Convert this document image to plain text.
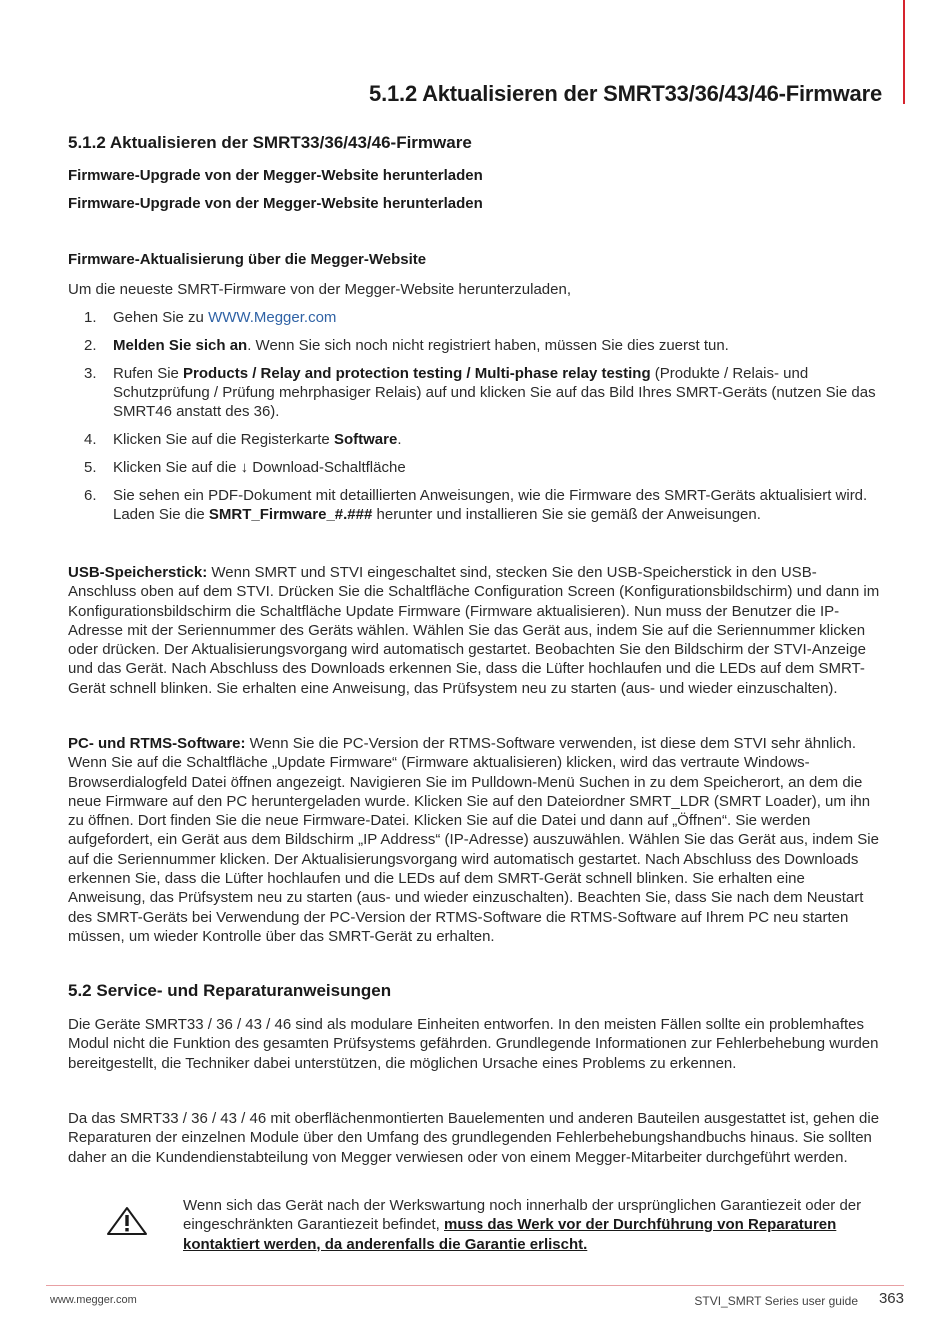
5.1.2 Aktualisieren der SMRT33/36/43/46-Firmware
5.1.2 Aktualisieren der SMRT33/36/43/46-Firmware
Firmware-Upgrade von der Megger-Website herunterladen
Firmware-Upgrade von der Megger-Website herunterladen
Firmware-Aktualisierung über die Megger-Website
Um die neueste SMRT-Firmware von der Megger-Website herunterzuladen,
1. Gehen Sie zu WWW.Megger.com
2. Melden Sie sich an. Wenn Sie sich noch nicht registriert haben, müssen Sie dies zuerst tun.
3. Rufen Sie Products / Relay and protection testing / Multi-phase relay testing (Produkte / Relais- und Schutzprüfung / Prüfung mehrphasiger Relais) auf und klicken Sie auf das Bild Ihres SMRT-Geräts (nutzen Sie das SMRT46 anstatt des 36).
4. Klicken Sie auf die Registerkarte Software.
5. Klicken Sie auf die ↓ Download-Schaltfläche
6. Sie sehen ein PDF-Dokument mit detaillierten Anweisungen, wie die Firmware des SMRT-Geräts aktualisiert wird. Laden Sie die SMRT_Firmware_#.### herunter und installieren Sie sie gemäß der Anweisungen.
USB-Speicherstick: Wenn SMRT und STVI eingeschaltet sind, stecken Sie den USB-Speicherstick in den USB-Anschluss oben auf dem STVI. Drücken Sie die Schaltfläche Configuration Screen (Konfigurationsbildschirm) und dann im Konfigurationsbildschirm die Schaltfläche Update Firmware (Firmware aktualisieren). Nun muss der Benutzer die IP-Adresse mit der Seriennummer des Geräts wählen. Wählen Sie das Gerät aus, indem Sie auf die Seriennummer klicken oder drücken. Der Aktualisierungsvorgang wird automatisch gestartet. Beobachten Sie den Bildschirm der STVI-Anzeige und das Gerät. Nach Abschluss des Downloads erkennen Sie, dass die Lüfter hochlaufen und die LEDs auf dem SMRT-Gerät schnell blinken. Sie erhalten eine Anweisung, das Prüfsystem neu zu starten (aus- und wieder einzuschalten).
PC- und RTMS-Software: Wenn Sie die PC-Version der RTMS-Software verwenden, ist diese dem STVI sehr ähnlich. Wenn Sie auf die Schaltfläche „Update Firmware“ (Firmware aktualisieren) klicken, wird das vertraute Windows-Browserdialogfeld Datei öffnen angezeigt. Navigieren Sie im Pulldown-Menü Suchen in zu dem Speicherort, an dem die neue Firmware auf den PC heruntergeladen wurde. Klicken Sie auf den Dateiordner SMRT_LDR (SMRT Loader), um ihn zu öffnen. Dort finden Sie die neue Firmware-Datei. Klicken Sie auf die Datei und dann auf „Öffnen“. Sie werden aufgefordert, ein Gerät aus dem Bildschirm „IP Address“ (IP-Adresse) auszuwählen. Wählen Sie das Gerät aus, indem Sie auf die Seriennummer klicken. Der Aktualisierungsvorgang wird automatisch gestartet. Nach Abschluss des Downloads erkennen Sie, dass die Lüfter hochlaufen und die LEDs auf dem SMRT-Gerät schnell blinken. Sie erhalten eine Anweisung, das Prüfsystem neu zu starten (aus- und wieder einzuschalten). Beachten Sie, dass Sie nach dem Neustart des SMRT-Geräts bei Verwendung der PC-Version der RTMS-Software die RTMS-Software auf Ihrem PC neu starten müssen, um wieder Kontrolle über das SMRT-Gerät zu erhalten.
5.2 Service- und Reparaturanweisungen
Die Geräte SMRT33 / 36 / 43 / 46 sind als modulare Einheiten entworfen. In den meisten Fällen sollte ein problemhaftes Modul nicht die Funktion des gesamten Prüfsystems gefährden. Grundlegende Informationen zur Fehlerbehebung wurden bereitgestellt, die Techniker dabei unterstützen, die möglichen Ursache eines Problems zu erkennen.
Da das SMRT33 / 36 / 43 / 46 mit oberflächenmontierten Bauelementen und anderen Bauteilen ausgestattet ist, gehen die Reparaturen der einzelnen Module über den Umfang des grundlegenden Fehlerbehebungshandbuchs hinaus. Sie sollten daher an die Kundendienstabteilung von Megger verwiesen oder von einem Megger-Mitarbeiter durchgeführt werden.
Wenn sich das Gerät nach der Werkswartung noch innerhalb der ursprünglichen Garantiezeit oder der eingeschränkten Garantiezeit befindet, muss das Werk vor der Durchführung von Reparaturen kontaktiert werden, da anderenfalls die Garantie erlischt.
www.megger.com	STVI_SMRT Series user guide 363
